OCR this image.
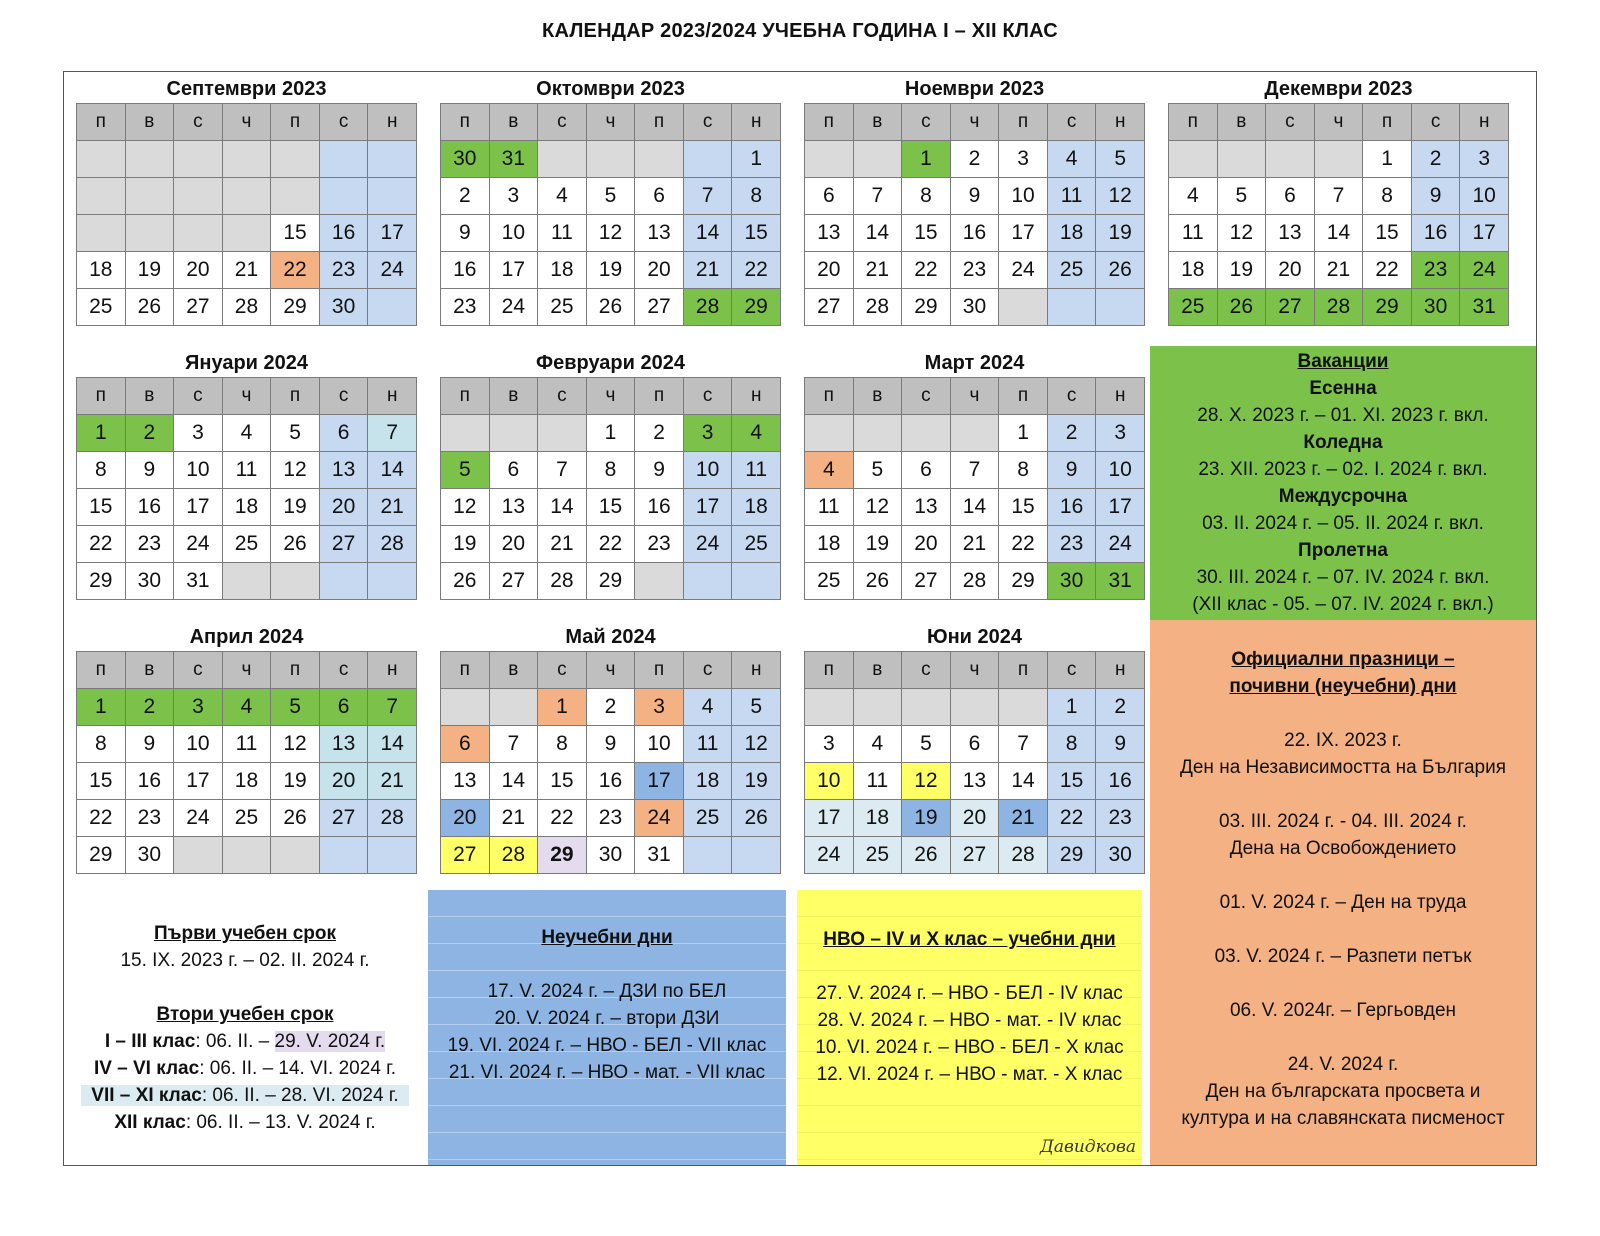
КАЛЕНДАР 2023/2024 УЧЕБНА ГОДИНА I – XII КЛАС
Септември 2023
п	в	с	ч	п	с	н

				15	16	17
18	19	20	21	22	23	24
25	26	27	28	29	30	
Октомври 2023
п	в	с	ч	п	с	н
30	31					1
2	3	4	5	6	7	8
9	10	11	12	13	14	15
16	17	18	19	20	21	22
23	24	25	26	27	28	29
Ноември 2023
п	в	с	ч	п	с	н
		1	2	3	4	5
6	7	8	9	10	11	12
13	14	15	16	17	18	19
20	21	22	23	24	25	26
27	28	29	30			
Декември 2023
п	в	с	ч	п	с	н
				1	2	3
4	5	6	7	8	9	10
11	12	13	14	15	16	17
18	19	20	21	22	23	24
25	26	27	28	29	30	31
Януари 2024
п	в	с	ч	п	с	н
1	2	3	4	5	6	7
8	9	10	11	12	13	14
15	16	17	18	19	20	21
22	23	24	25	26	27	28
29	30	31				
Февруари 2024
п	в	с	ч	п	с	н
			1	2	3	4
5	6	7	8	9	10	11
12	13	14	15	16	17	18
19	20	21	22	23	24	25
26	27	28	29			
Март 2024
п	в	с	ч	п	с	н
				1	2	3
4	5	6	7	8	9	10
11	12	13	14	15	16	17
18	19	20	21	22	23	24
25	26	27	28	29	30	31
Април 2024
п	в	с	ч	п	с	н
1	2	3	4	5	6	7
8	9	10	11	12	13	14
15	16	17	18	19	20	21
22	23	24	25	26	27	28
29	30					
Май 2024
п	в	с	ч	п	с	н
		1	2	3	4	5
6	7	8	9	10	11	12
13	14	15	16	17	18	19
20	21	22	23	24	25	26
27	28	29	30	31		
Юни 2024
п	в	с	ч	п	с	н
					1	2
3	4	5	6	7	8	9
10	11	12	13	14	15	16
17	18	19	20	21	22	23
24	25	26	27	28	29	30
Ваканции
Есенна
28. Х. 2023 г. – 01. ХI. 2023 г. вкл.
Коледна
23. ХII. 2023 г. – 02. I. 2024 г. вкл.
Междусрочна
03. II. 2024 г. – 05. II. 2024 г. вкл.
Пролетна
30. III. 2024 г. – 07. IV. 2024 г. вкл.
(XII клас - 05. – 07. IV. 2024 г. вкл.)
Официални празници –
почивни (неучебни) дни
22. IX. 2023 г.
Ден на Независимостта на България
03. III. 2024 г. - 04. III. 2024 г.
Дена на Освобождението
01. V. 2024 г. – Ден на труда
03. V. 2024 г. – Разпети петък
06. V. 2024г. – Гергьовден
24. V. 2024 г.
Ден на българската просвета и
култура и на славянската писменост
Първи учебен срок
15. IX. 2023 г. – 02. II. 2024 г.
Втори учебен срок
I – III клас: 06. II. – 29. V. 2024 г.
IV – VI клас: 06. II. – 14. VI. 2024 г.
VII – XI клас: 06. II. – 28. VI. 2024 г.
XII клас: 06. II. – 13. V. 2024 г.
Неучебни дни
17. V. 2024 г. – ДЗИ по БЕЛ
20. V. 2024 г. – втори ДЗИ
19. VI. 2024 г. – НВО - БЕЛ - VII клас
21. VI. 2024 г. – НВО - мат. - VII клас
НВО – IV и Х клас – учебни дни
27. V. 2024 г. – НВО - БЕЛ - IV клас
28. V. 2024 г. – НВО - мат. - IV клас
10. VI. 2024 г. – НВО - БЕЛ - Х клас
12. VI. 2024 г. – НВО - мат. - Х клас
Давидкова
